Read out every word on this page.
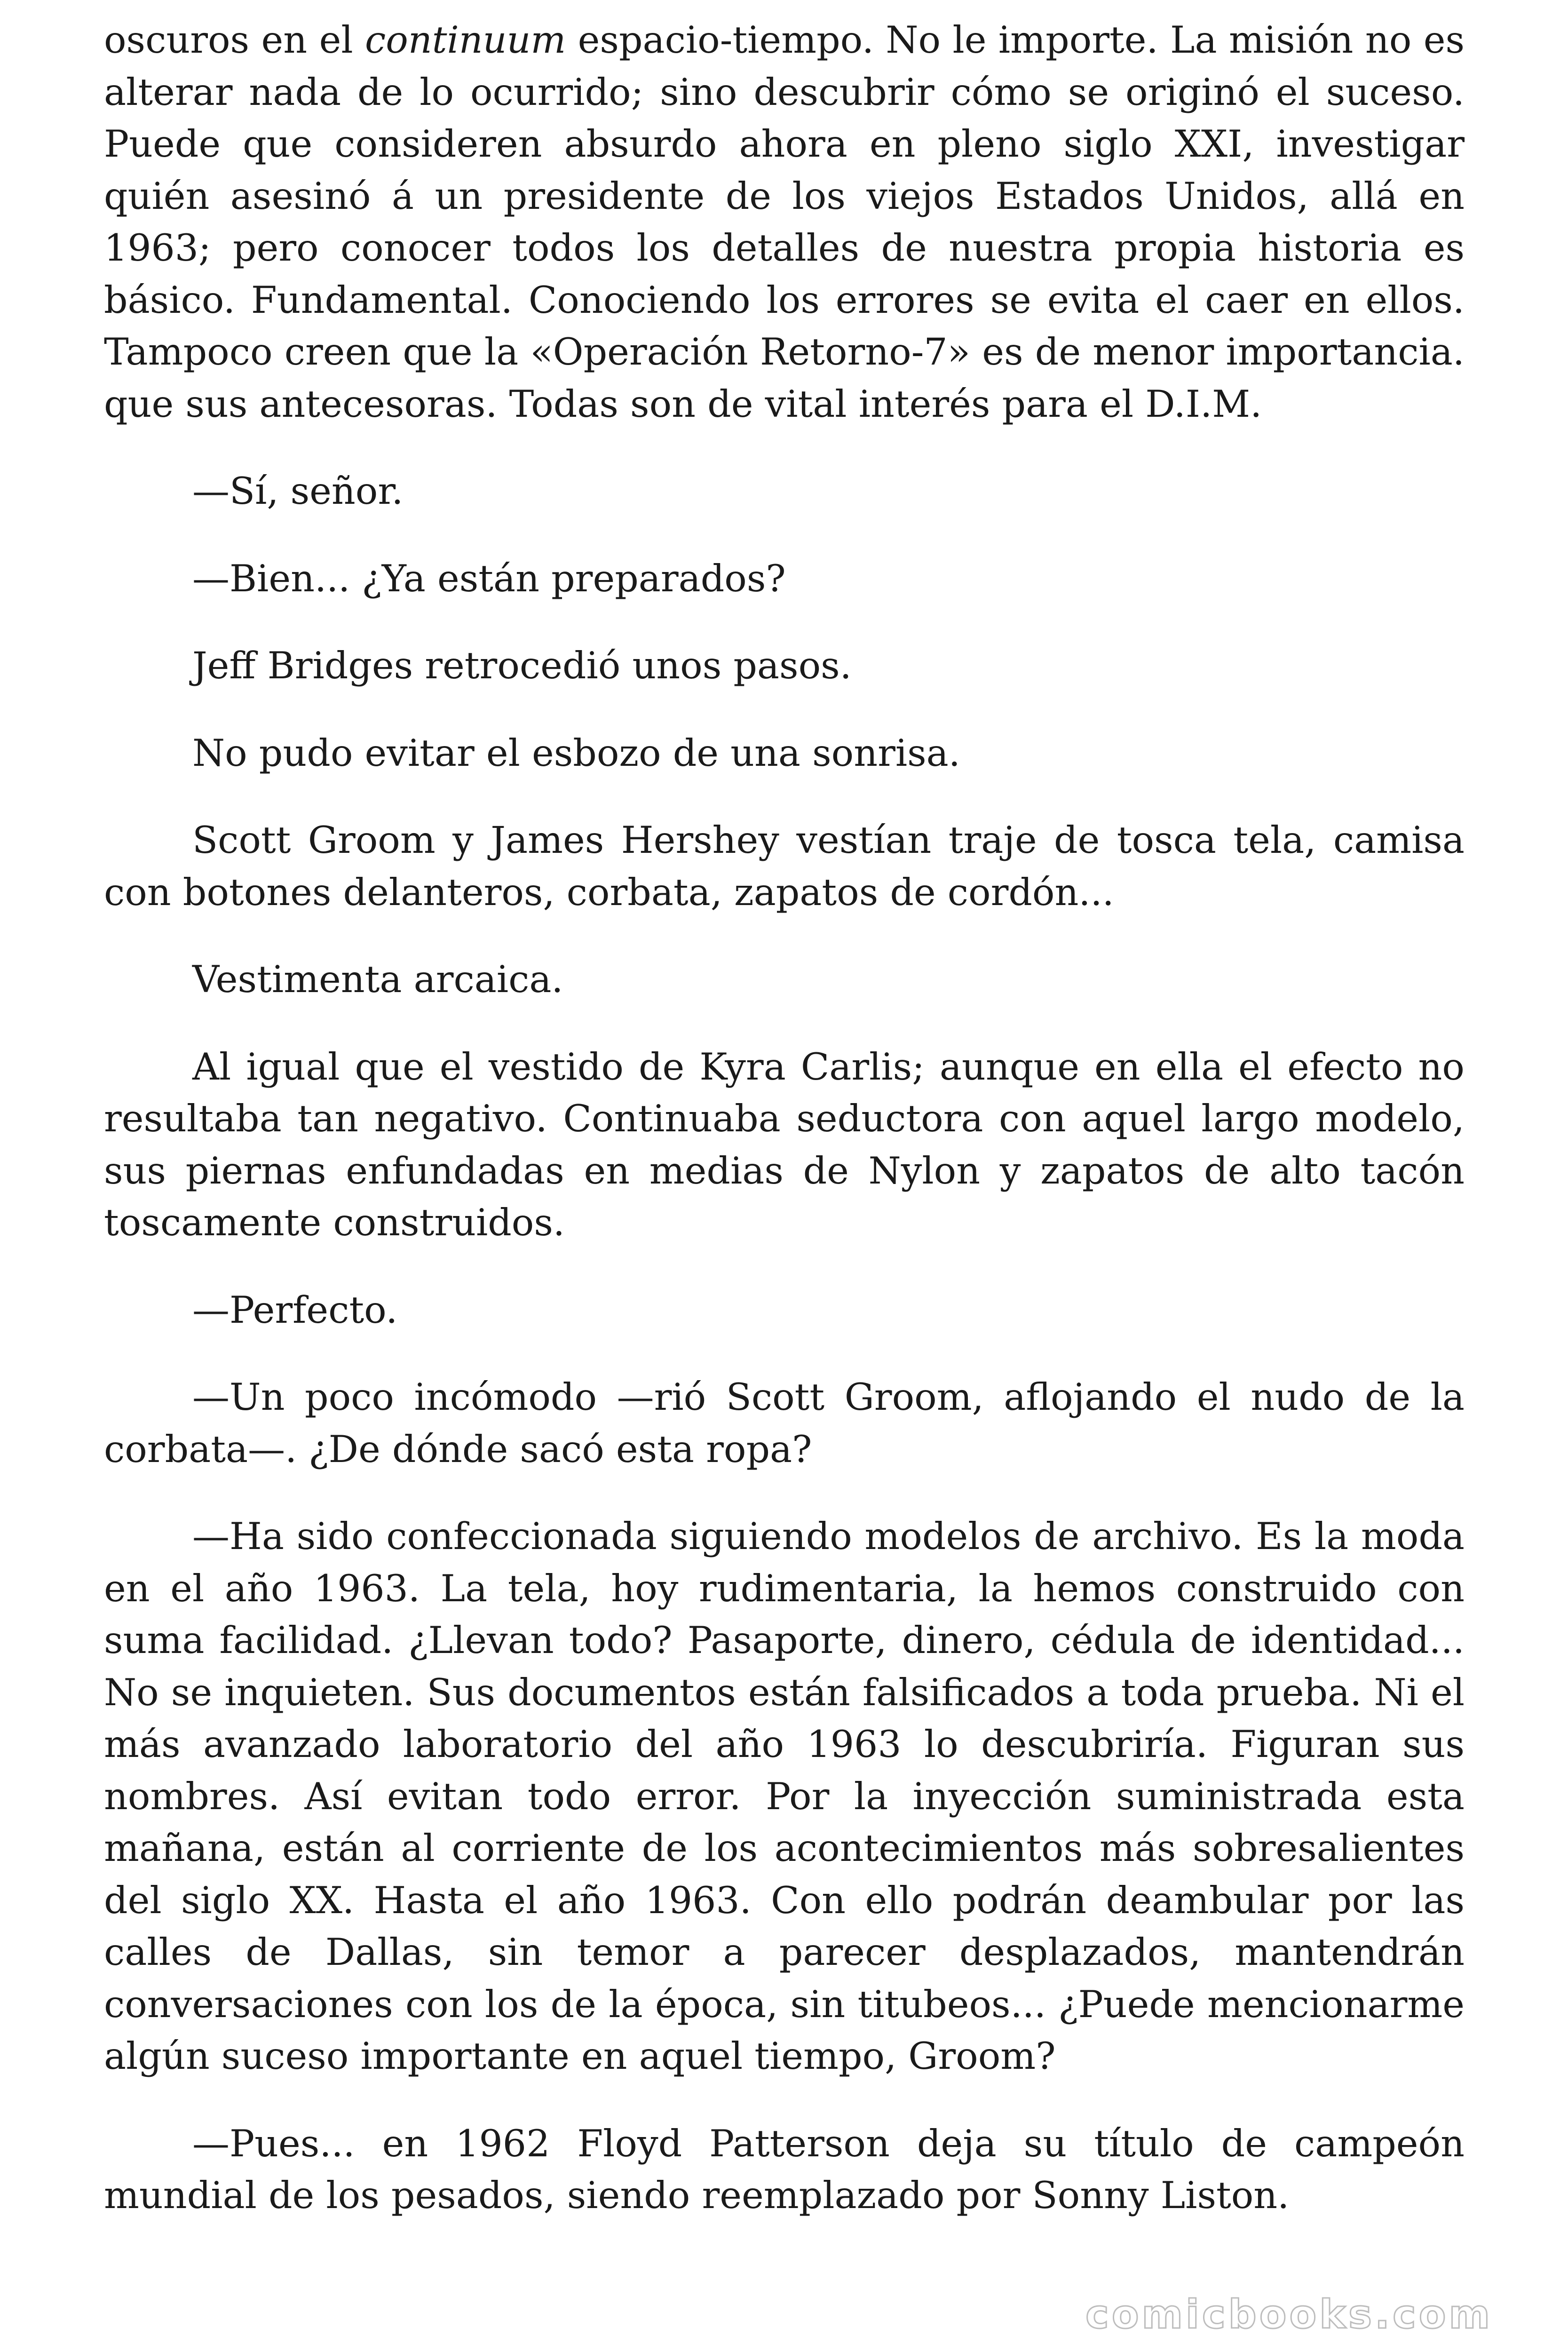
oscuros en el continuum espacio-tiempo. No le importe. La misión no es alterar nada de lo ocurrido; sino descubrir cómo se originó el suceso. Puede que consideren absurdo ahora en pleno siglo XXI, investigar quién asesinó á un presidente de los viejos Estados Unidos, allá en 1963; pero conocer todos los detalles de nuestra propia historia es básico. Fundamental. Conociendo los errores se evita el caer en ellos. Tampoco creen que la «Operación Retorno-7» es de menor importancia. que sus antecesoras. Todas son de vital interés para el D.I.M.

—Sí, señor.

—Bien... ¿Ya están preparados?

Jeff Bridges retrocedió unos pasos.

No pudo evitar el esbozo de una sonrisa.

Scott Groom y James Hershey vestían traje de tosca tela, camisa con botones delanteros, corbata, zapatos de cordón...

Vestimenta arcaica.

Al igual que el vestido de Kyra Carlis; aunque en ella el efecto no resultaba tan negativo. Continuaba seductora con aquel largo modelo, sus piernas enfundadas en medias de Nylon y zapatos de alto tacón toscamente construidos.

—Perfecto.

—Un poco incómodo —rió Scott Groom, aflojando el nudo de la corbata—. ¿De dónde sacó esta ropa?

—Ha sido confeccionada siguiendo modelos de archivo. Es la moda en el año 1963. La tela, hoy rudimentaria, la hemos construido con suma facilidad. ¿Llevan todo? Pasaporte, dinero, cédula de identidad... No se inquieten. Sus documentos están falsificados a toda prueba. Ni el más avanzado laboratorio del año 1963 lo descubriría. Figuran sus nombres. Así evitan todo error. Por la inyección suministrada esta mañana, están al corriente de los acontecimientos más sobresalientes del siglo XX. Hasta el año 1963. Con ello podrán deambular por las calles de Dallas, sin temor a parecer desplazados, mantendrán conversaciones con los de la época, sin titubeos... ¿Puede mencionarme algún suceso importante en aquel tiempo, Groom?

—Pues... en 1962 Floyd Patterson deja su título de campeón mundial de los pesados, siendo reemplazado por Sonny Liston.

comicbooks.com
